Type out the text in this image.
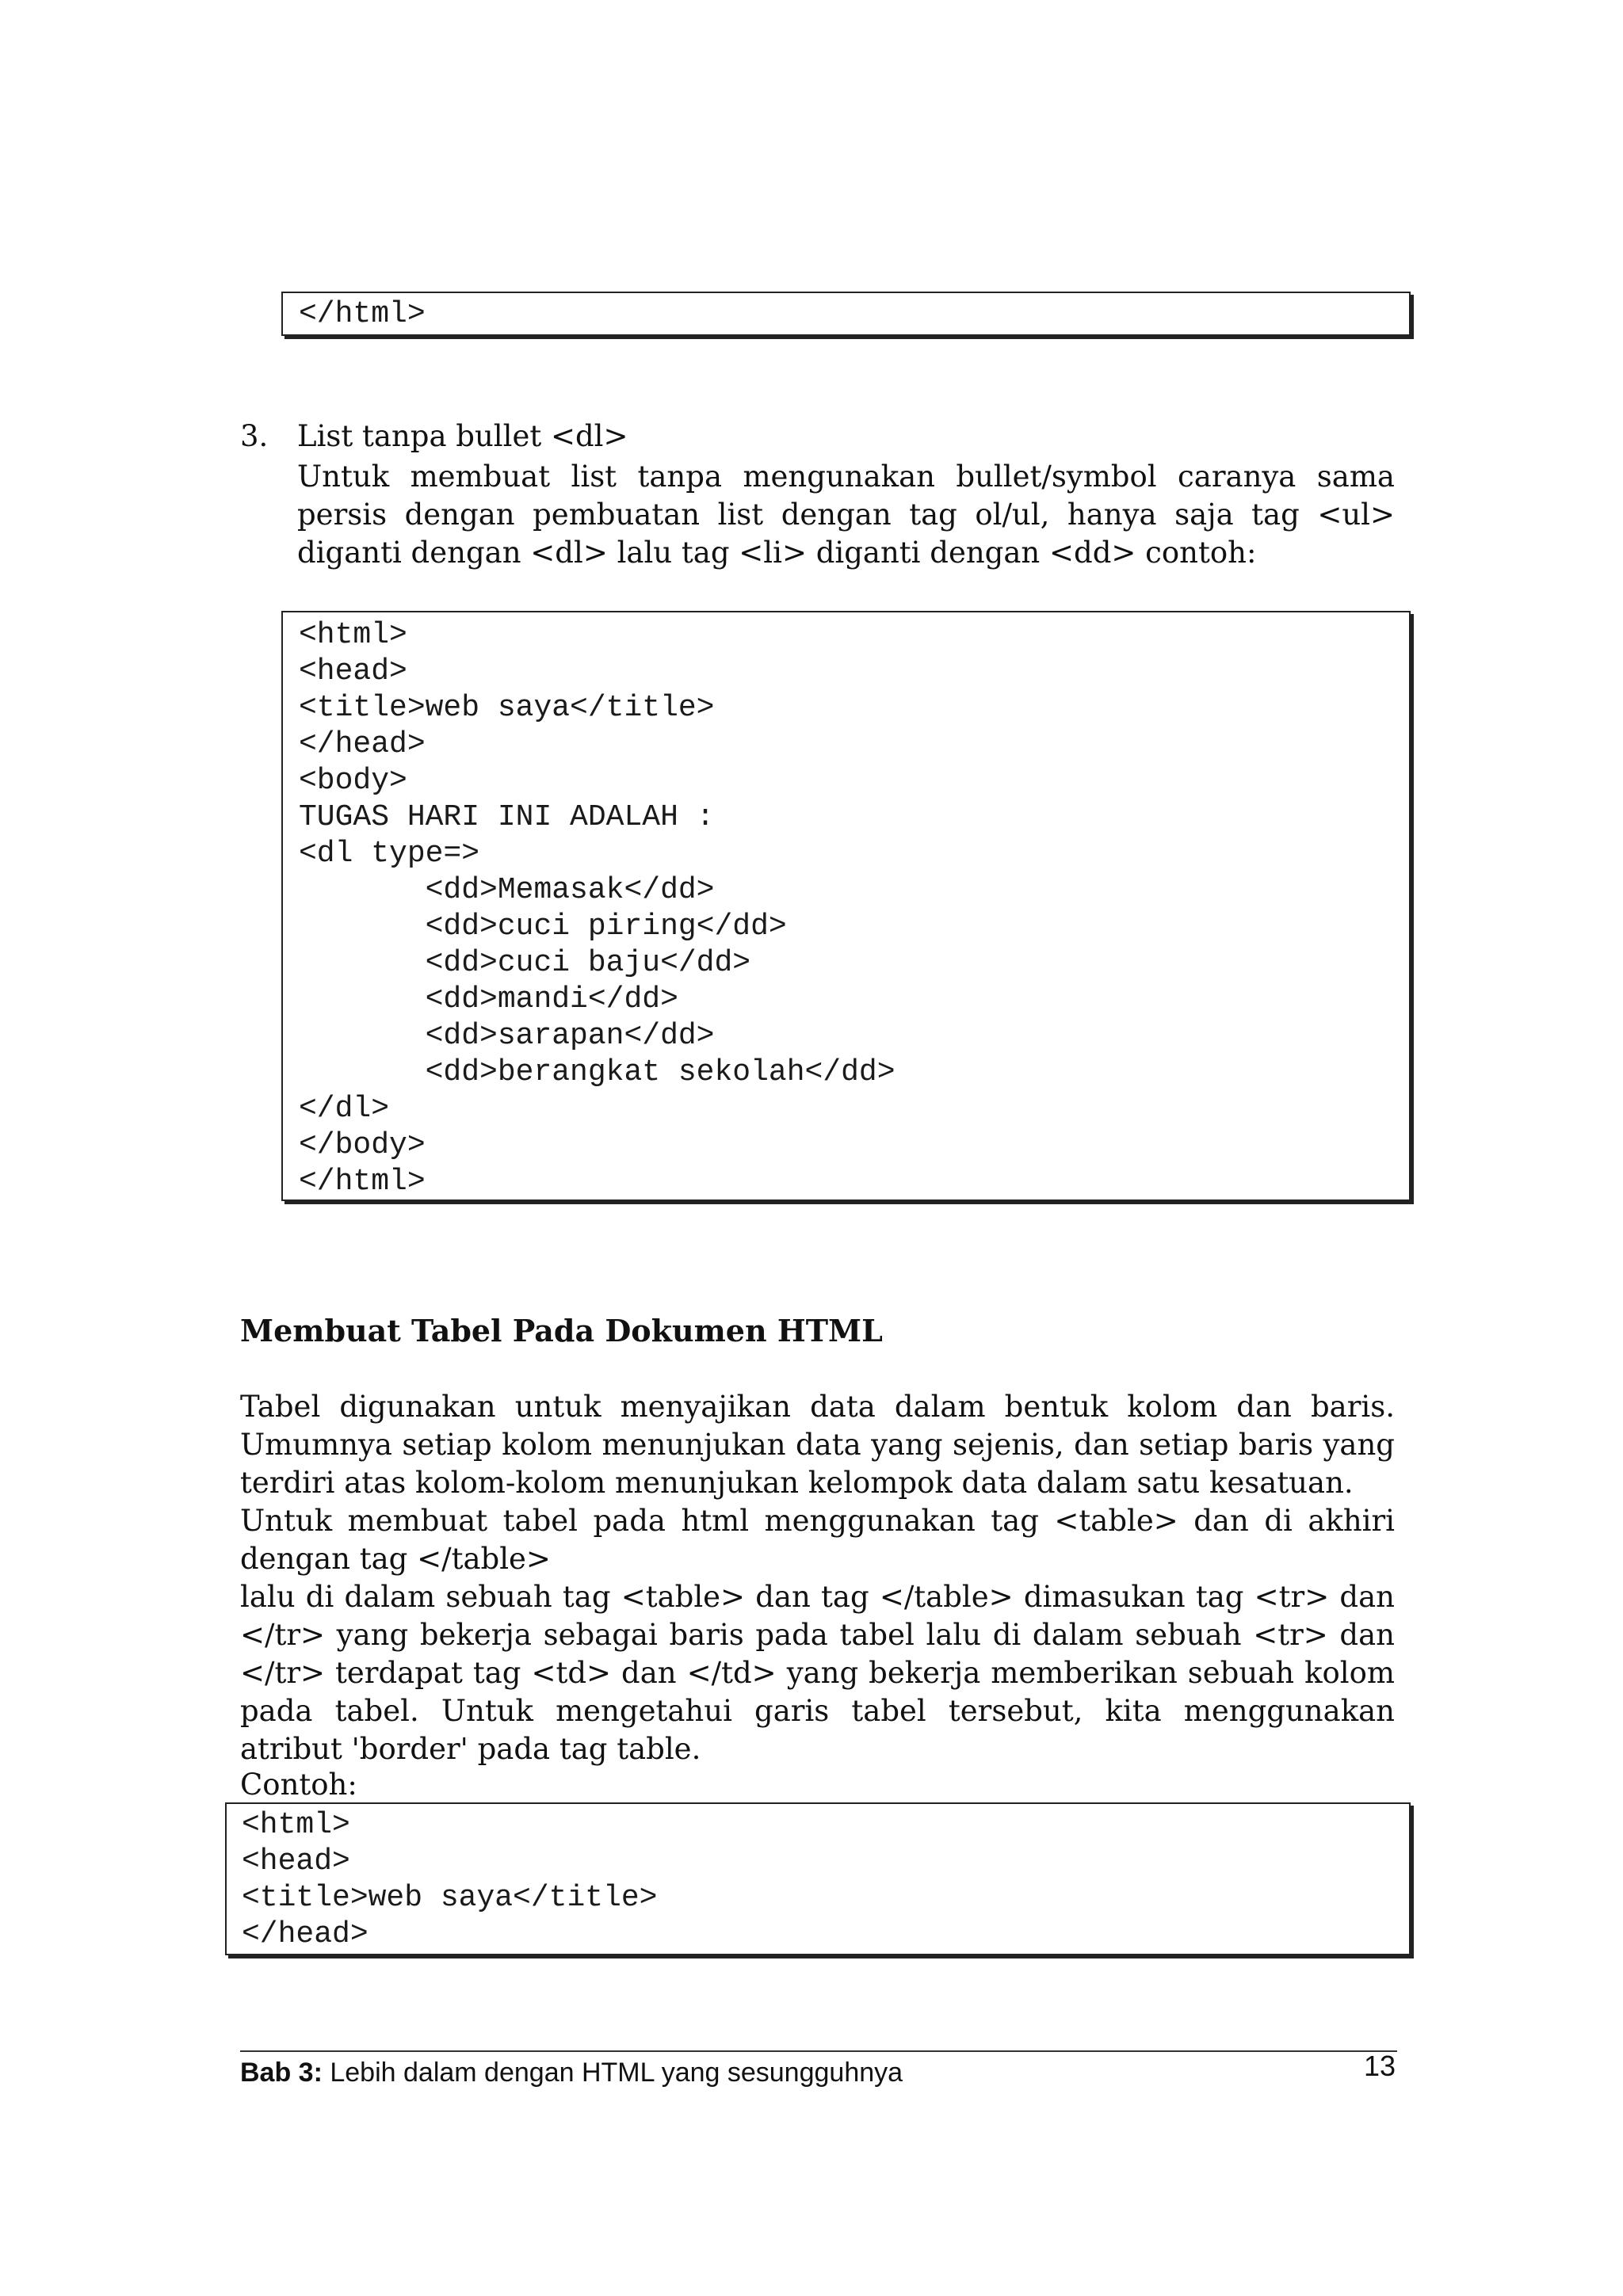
</html>
3. List tanpa bullet <dl>
Untuk membuat list tanpa mengunakan bullet/symbol caranya sama persis dengan pembuatan list dengan tag ol/ul, hanya saja tag <ul> diganti dengan <dl> lalu tag <li> diganti dengan <dd> contoh:
<html>
<head>
<title>web saya</title>
</head>
<body>
TUGAS HARI INI ADALAH :
<dl type=>
<dd>Memasak</dd>
<dd>cuci piring</dd>
<dd>cuci baju</dd>
<dd>mandi</dd>
<dd>sarapan</dd>
<dd>berangkat sekolah</dd>
</dl>
</body>
</html>
Membuat Tabel Pada Dokumen HTML

Tabel digunakan untuk menyajikan data dalam bentuk kolom dan baris. Umumnya setiap kolom menunjukan data yang sejenis, dan setiap baris yang terdiri atas kolom-kolom menunjukan kelompok data dalam satu kesatuan.

Untuk membuat tabel pada html menggunakan tag <table> dan di akhiri dengan tag </table>

lalu di dalam sebuah tag <table> dan tag </table> dimasukan tag <tr> dan </tr> yang bekerja sebagai baris pada tabel lalu di dalam sebuah <tr> dan </tr> terdapat tag <td> dan </td> yang bekerja memberikan sebuah kolom pada tabel. Untuk mengetahui garis tabel tersebut, kita menggunakan atribut 'border' pada tag table.

Contoh:
<html>
<head>
<title>web saya</title>
</head>
Bab 3: Lebih dalam dengan HTML yang sesungguhnya	13
